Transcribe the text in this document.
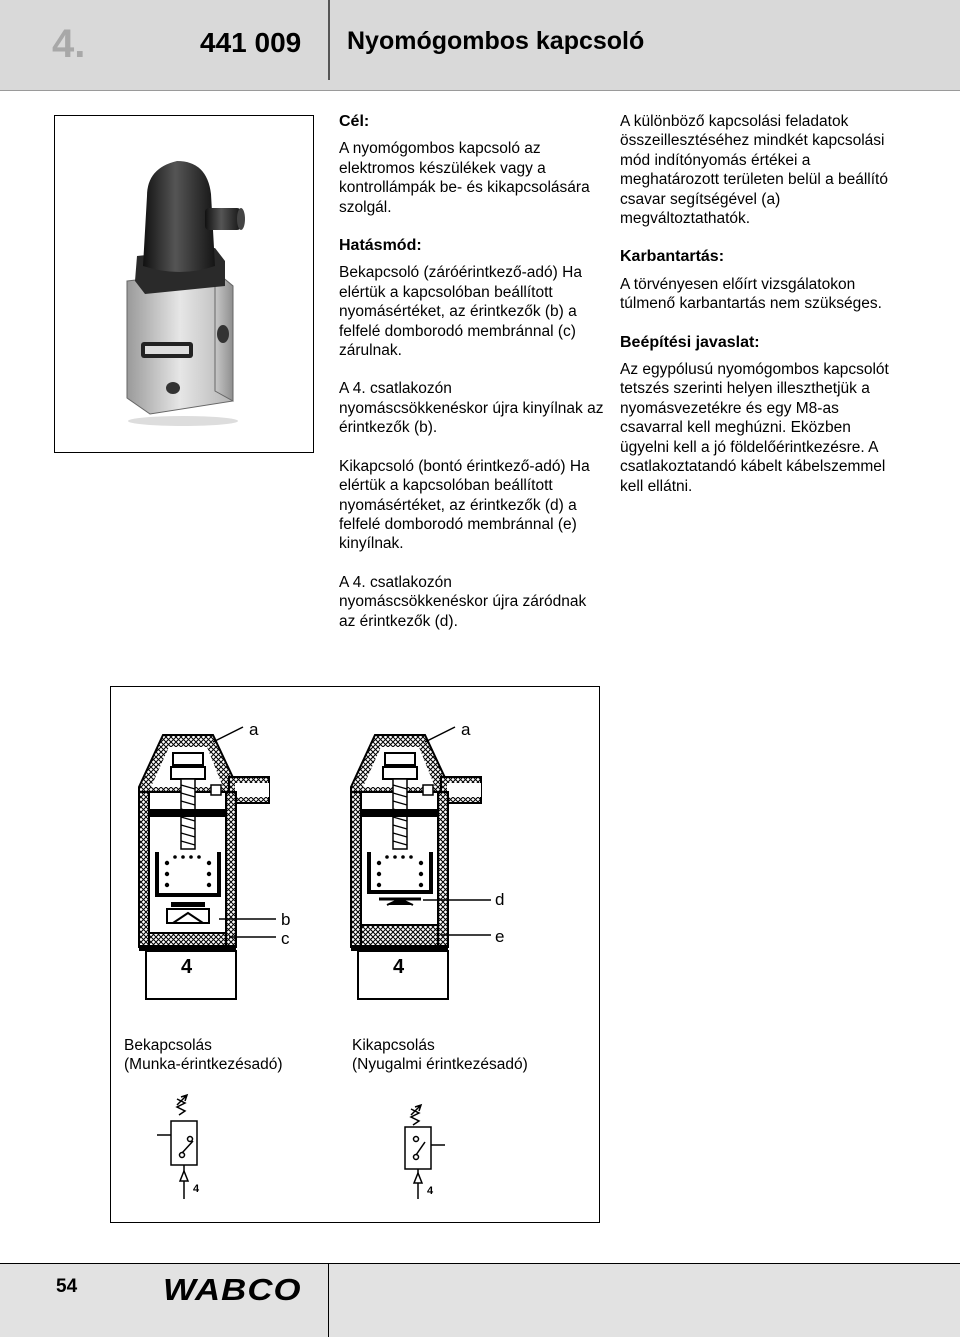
4.	441 009 Nyomógombos kapcsoló
Cél:

A nyomógombos kapcsoló az elektromos készülékek vagy a kontrollámpák be- és kikapcsolására szolgál.

Hatásmód:

Bekapcsoló (záróérintkező-adó) Ha elértük a kapcsolóban beállított nyomásértéket, az érintkezők (b) a felfelé domborodó membránnal (c) zárulnak.

A 4. csatlakozón nyomáscsökkenéskor újra kinyílnak az érintkezők (b).

Kikapcsoló (bontó érintkező-adó) Ha elértük a kapcsolóban beállított nyomásértéket, az érintkezők (d) a felfelé domborodó membránnal (e) kinyílnak.

A 4. csatlakozón nyomáscsökkenéskor újra záródnak az érintkezők (d).

A különböző kapcsolási feladatok összeillesztéséhez mindkét kapcsolási mód indítónyomás értékei a meghatározott területen belül a beállító csavar segítségével (a) megváltoztathatók.

Karbantartás:

A törvényesen előírt vizsgálatokon túlmenő karbantartás nem szükséges.

Beépítési javaslat:

Az egypólusú nyomógombos kapcsolót tetszés szerinti helyen illeszthetjük a nyomásvezetékre és egy M8-as csavarral kell meghúzni. Eközben ügyelni kell a jó földelőérintkezésre. A csatlakoztatandó kábelt kábelszemmel kell ellátni.

a	a
b
c
d
e
4	4
4	4
Bekapcsolás
(Munka-érintkezésadó)
Kikapcsolás
(Nyugalmi érintkezésadó)
54	WABCO
